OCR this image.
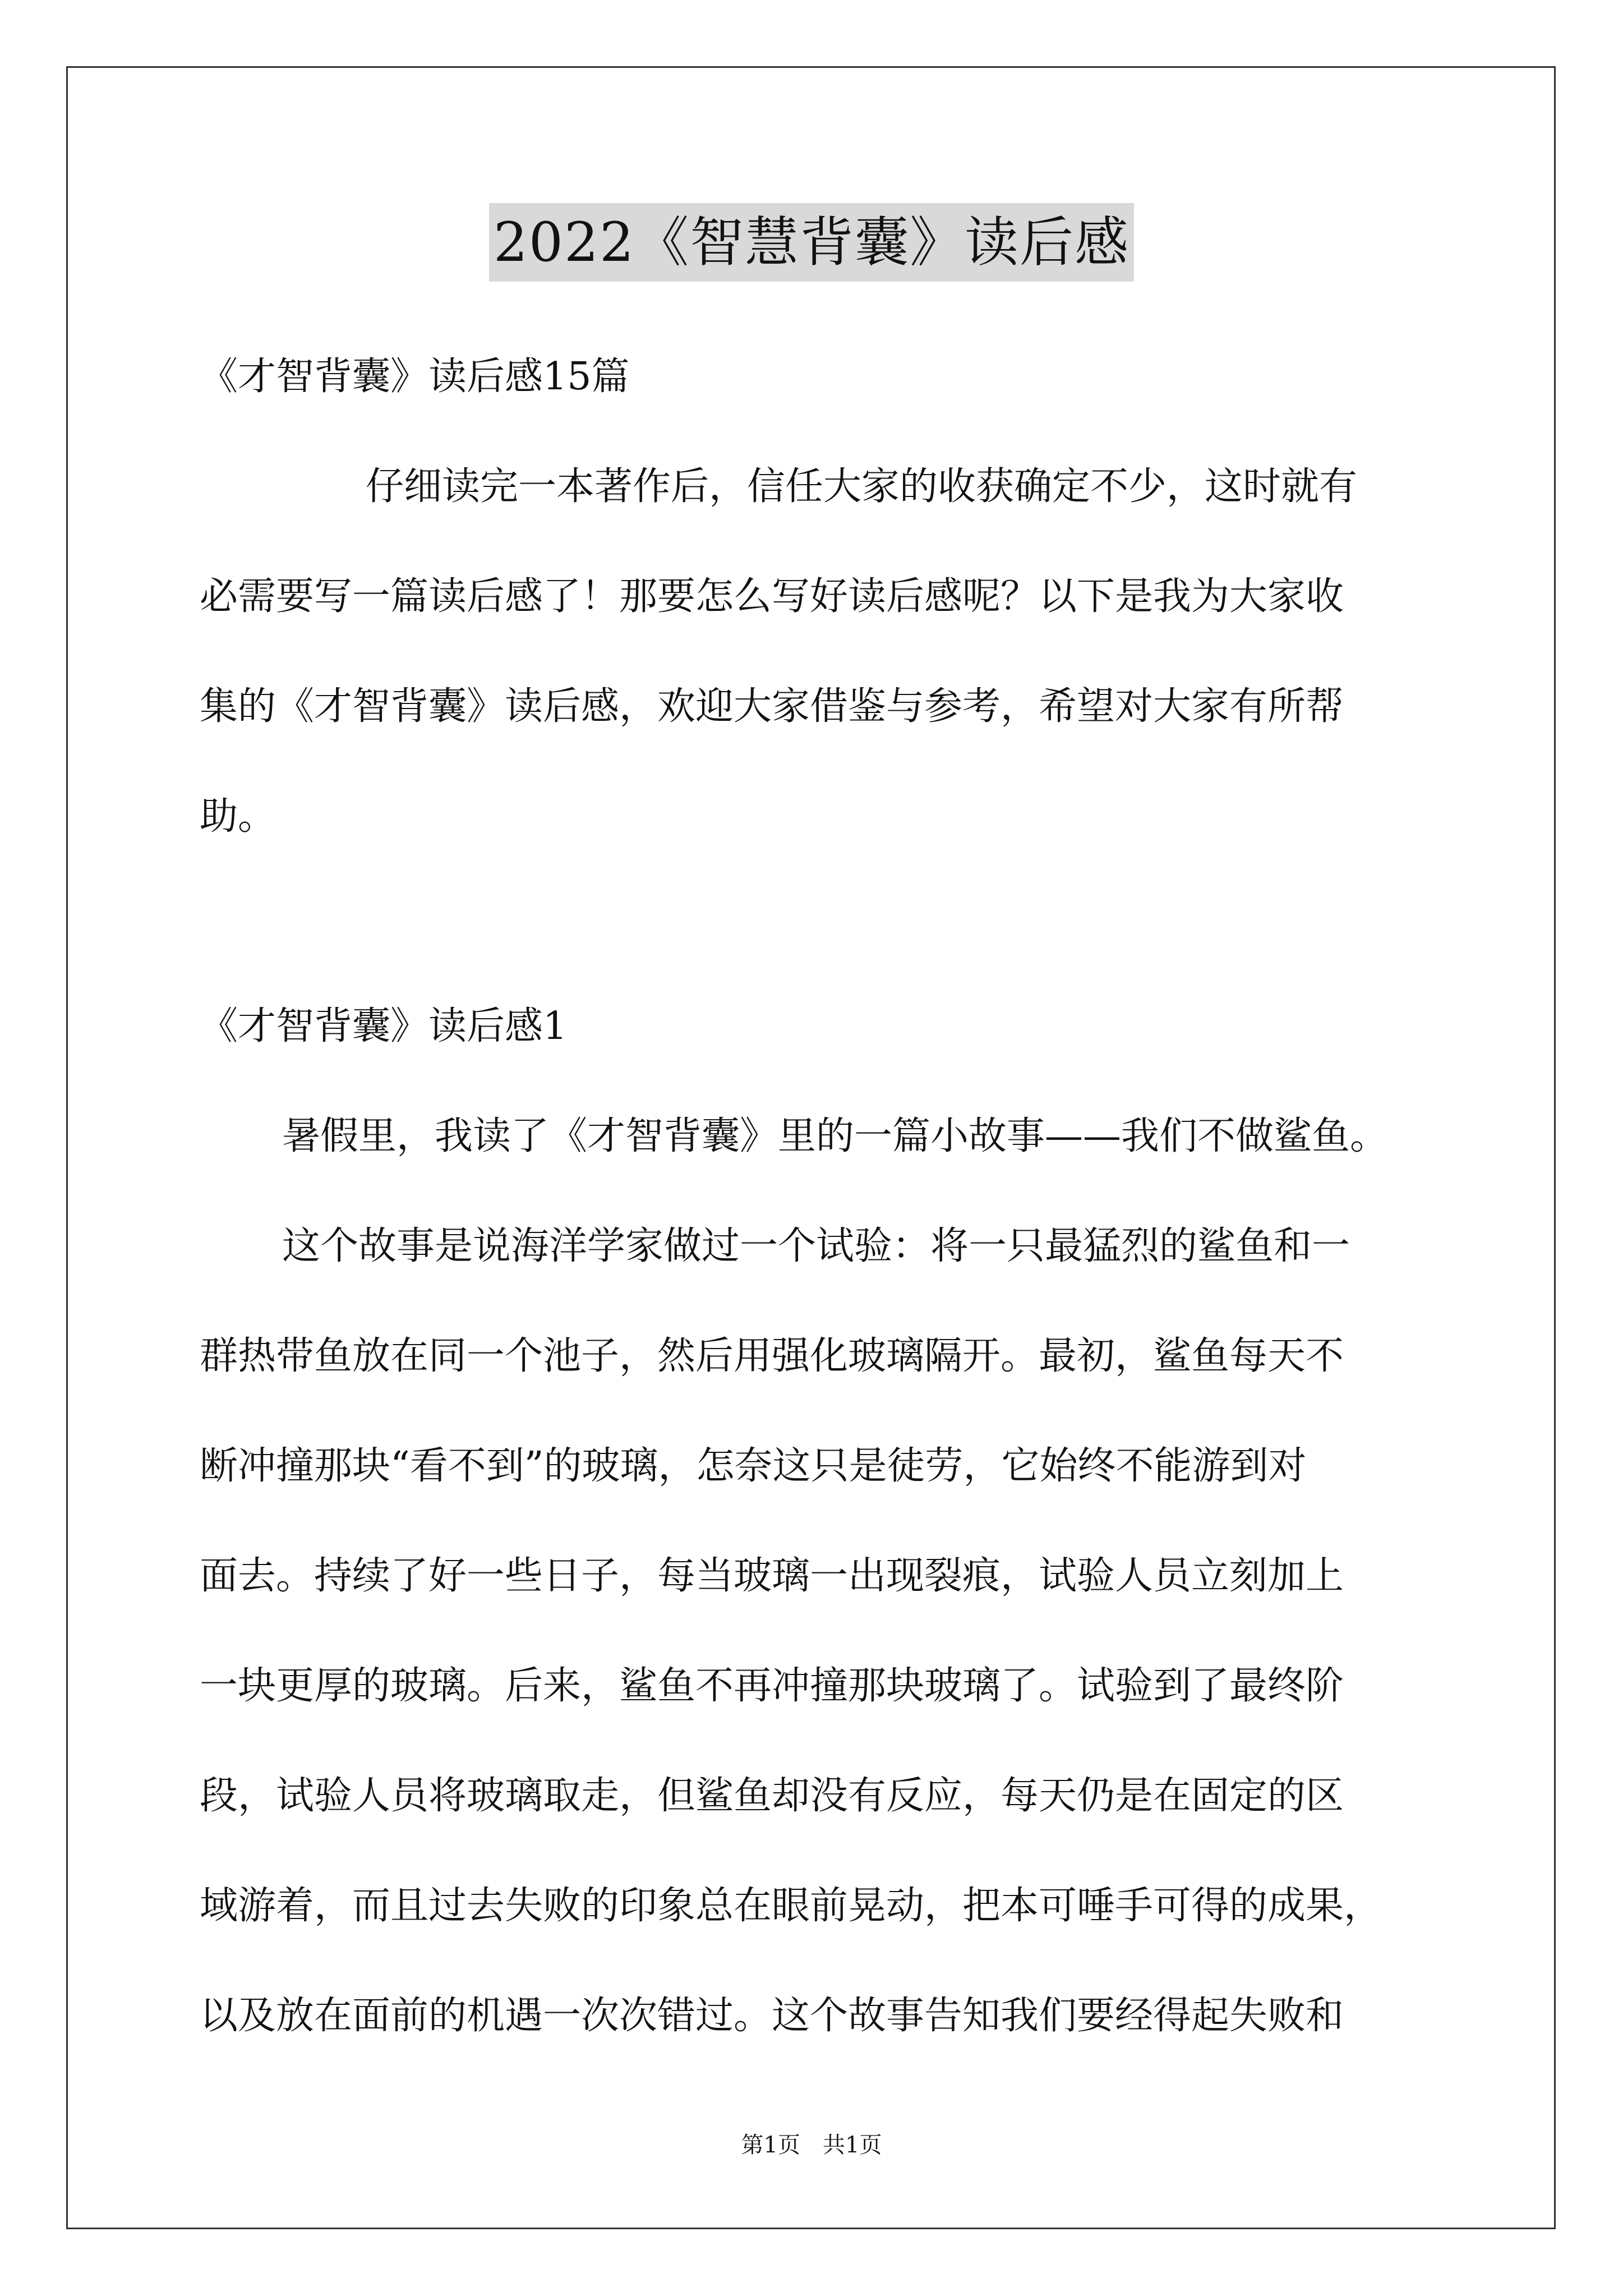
2022《智慧背囊》读后感
《才智背囊》读后感15篇
仔细读完一本著作后，信任大家的收获确定不少，这时就有
必需要写一篇读后感了！那要怎么写好读后感呢？以下是我为大家收
集的《才智背囊》读后感，欢迎大家借鉴与参考，希望对大家有所帮
助。
《才智背囊》读后感1
暑假里，我读了《才智背囊》里的一篇小故事——我们不做鲨鱼。
这个故事是说海洋学家做过一个试验：将一只最猛烈的鲨鱼和一
群热带鱼放在同一个池子，然后用强化玻璃隔开。最初，鲨鱼每天不
断冲撞那块“看不到”的玻璃，怎奈这只是徒劳，它始终不能游到对
面去。持续了好一些日子，每当玻璃一出现裂痕，试验人员立刻加上
一块更厚的玻璃。后来，鲨鱼不再冲撞那块玻璃了。试验到了最终阶
段，试验人员将玻璃取走，但鲨鱼却没有反应，每天仍是在固定的区
域游着，而且过去失败的印象总在眼前晃动，把本可唾手可得的成果，
以及放在面前的机遇一次次错过。这个故事告知我们要经得起失败和
第1页　共1页
